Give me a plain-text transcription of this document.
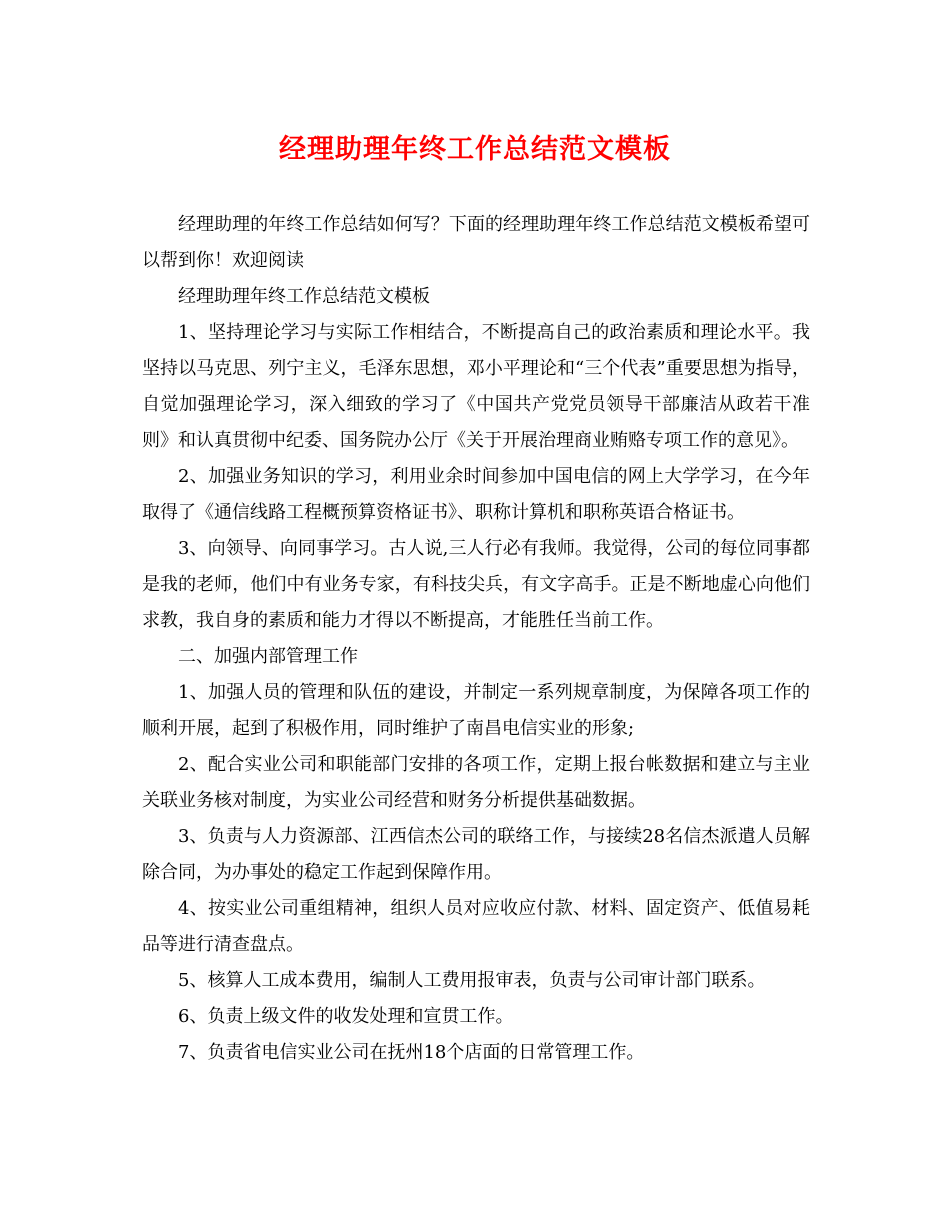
经理助理年终工作总结范文模板

经理助理的年终工作总结如何写？下面的经理助理年终工作总结范文模板希望可以帮到你！欢迎阅读

经理助理年终工作总结范文模板

1、坚持理论学习与实际工作相结合，不断提高自己的政治素质和理论水平。我坚持以马克思、列宁主义，毛泽东思想，邓小平理论和“三个代表”重要思想为指导，自觉加强理论学习，深入细致的学习了《中国共产党党员领导干部廉洁从政若干准则》和认真贯彻中纪委、国务院办公厅《关于开展治理商业贿赂专项工作的意见》。

2、加强业务知识的学习，利用业余时间参加中国电信的网上大学学习，在今年取得了《通信线路工程概预算资格证书》、职称计算机和职称英语合格证书。

3、向领导、向同事学习。古人说,三人行必有我师。我觉得，公司的每位同事都是我的老师，他们中有业务专家，有科技尖兵，有文字高手。正是不断地虚心向他们求教，我自身的素质和能力才得以不断提高，才能胜任当前工作。

二、加强内部管理工作

1、加强人员的管理和队伍的建设，并制定一系列规章制度，为保障各项工作的顺利开展，起到了积极作用，同时维护了南昌电信实业的形象;

2、配合实业公司和职能部门安排的各项工作，定期上报台帐数据和建立与主业关联业务核对制度，为实业公司经营和财务分析提供基础数据。

3、负责与人力资源部、江西信杰公司的联络工作，与接续28名信杰派遣人员解除合同，为办事处的稳定工作起到保障作用。

4、按实业公司重组精神，组织人员对应收应付款、材料、固定资产、低值易耗品等进行清查盘点。

5、核算人工成本费用，编制人工费用报审表，负责与公司审计部门联系。

6、负责上级文件的收发处理和宣贯工作。

7、负责省电信实业公司在抚州18个店面的日常管理工作。
